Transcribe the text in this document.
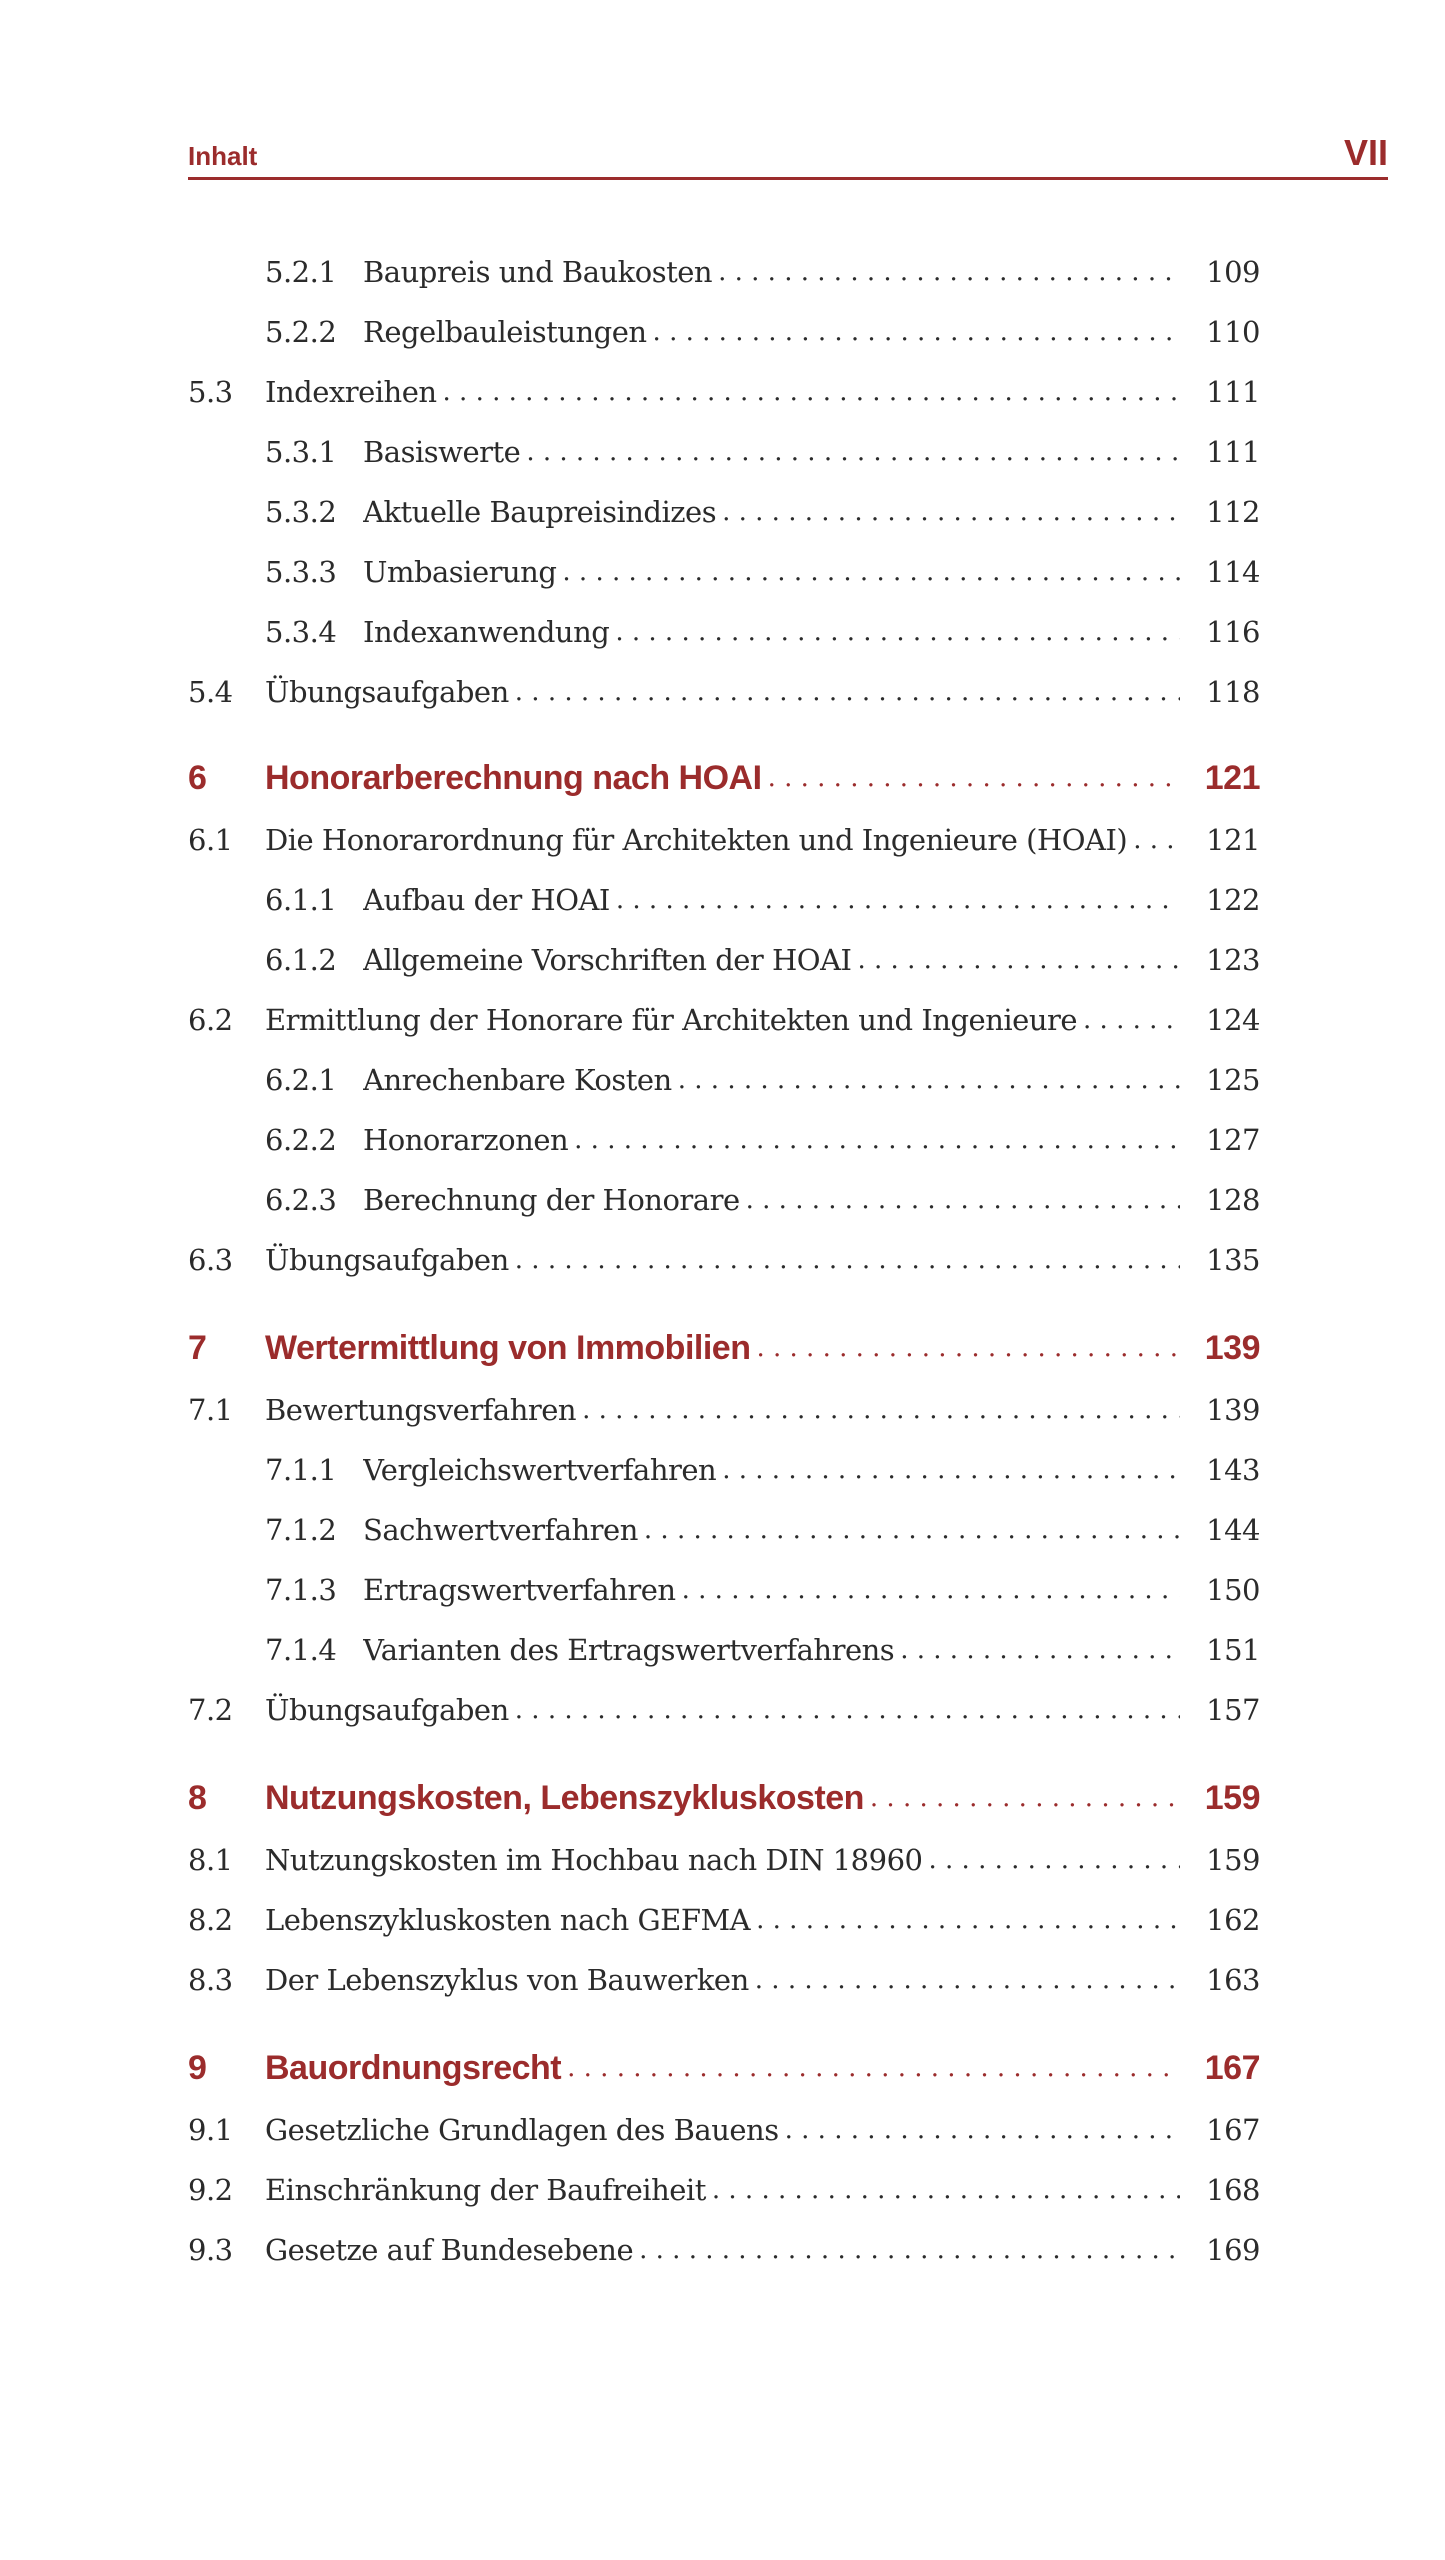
Inhalt	VII
5.2.1 Baupreis und Baukosten . . .	109
5.2.2 Regelbauleistungen . . .	110
5.3 Indexreihen . . .	111
5.3.1 Basiswerte . . .	111
5.3.2 Aktuelle Baupreisindizes . . .	112
5.3.3 Umbasierung . . .	114
5.3.4 Indexanwendung . . .	116
5.4 Übungsaufgaben . . .	118
6 Honorarberechnung nach HOAI . . .	121
6.1 Die Honorarordnung für Architekten und Ingenieure (HOAI) . . .	121
6.1.1 Aufbau der HOAI . . .	122
6.1.2 Allgemeine Vorschriften der HOAI . . .	123
6.2 Ermittlung der Honorare für Architekten und Ingenieure . . .	124
6.2.1 Anrechenbare Kosten . . .	125
6.2.2 Honorarzonen . . .	127
6.2.3 Berechnung der Honorare . . .	128
6.3 Übungsaufgaben . . .	135
7 Wertermittlung von Immobilien . . .	139
7.1 Bewertungsverfahren . . .	139
7.1.1 Vergleichswertverfahren . . .	143
7.1.2 Sachwertverfahren . . .	144
7.1.3 Ertragswertverfahren . . .	150
7.1.4 Varianten des Ertragswertverfahrens . . .	151
7.2 Übungsaufgaben . . .	157
8 Nutzungskosten, Lebenszykluskosten . . .	159
8.1 Nutzungskosten im Hochbau nach DIN 18960 . . .	159
8.2 Lebenszykluskosten nach GEFMA . . .	162
8.3 Der Lebenszyklus von Bauwerken . . .	163
9 Bauordnungsrecht . . .	167
9.1 Gesetzliche Grundlagen des Bauens . . .	167
9.2 Einschränkung der Baufreiheit . . .	168
9.3 Gesetze auf Bundesebene . . .	169
